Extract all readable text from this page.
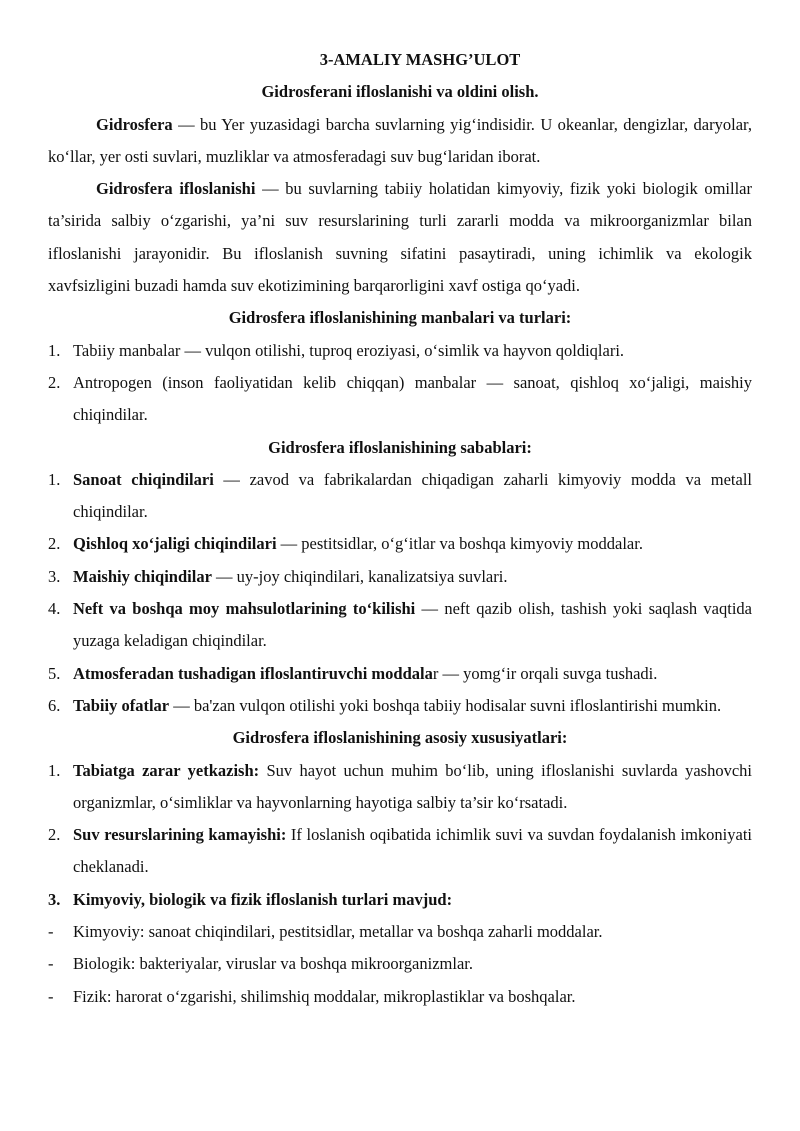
3-AMALIY MASHG’ULOT
Gidrosferani ifloslanishi va oldini olish.

Gidrosfera — bu Yer yuzasidagi barcha suvlarning yig‘indisidir. U okeanlar, dengizlar, daryolar, ko‘llar, yer osti suvlari, muzliklar va atmosferadagi suv bug‘laridan iborat.

Gidrosfera ifloslanishi — bu suvlarning tabiiy holatidan kimyoviy, fizik yoki biologik omillar ta’sirida salbiy o‘zgarishi, ya’ni suv resurslarining turli zararli modda va mikroorganizmlar bilan ifloslanishi jarayonidir. Bu ifloslanish suvning sifatini pasaytiradi, uning ichimlik va ekologik xavfsizligini buzadi hamda suv ekotizimining barqarorligini xavf ostiga qo‘yadi.

Gidrosfera ifloslanishining manbalari va turlari:
1. Tabiiy manbalar — vulqon otilishi, tuproq eroziyasi, o‘simlik va hayvon qoldiqlari.
2. Antropogen (inson faoliyatidan kelib chiqqan) manbalar — sanoat, qishloq xo‘jaligi, maishiy chiqindilar.
Gidrosfera ifloslanishining sabablari:
1. Sanoat chiqindilari — zavod va fabrikalardan chiqadigan zaharli kimyoviy modda va metall chiqindilar.
2. Qishloq xo‘jaligi chiqindilari — pestitsidlar, o‘g‘itlar va boshqa kimyoviy moddalar.
3. Maishiy chiqindilar — uy-joy chiqindilari, kanalizatsiya suvlari.
4. Neft va boshqa moy mahsulotlarining to‘kilishi — neft qazib olish, tashish yoki saqlash vaqtida yuzaga keladigan chiqindilar.
5. Atmosferadan tushadigan ifloslantiruvchi moddalar — yomg‘ir orqali suvga tushadi.
6. Tabiiy ofatlar — ba'zan vulqon otilishi yoki boshqa tabiiy hodisalar suvni ifloslantirishi mumkin.
Gidrosfera ifloslanishining asosiy xususiyatlari:
1. Tabiatga zarar yetkazish: Suv hayot uchun muhim bo‘lib, uning ifloslanishi suvlarda yashovchi organizmlar, o‘simliklar va hayvonlarning hayotiga salbiy ta’sir ko‘rsatadi.
2. Suv resurslarining kamayishi: If loslanish oqibatida ichimlik suvi va suvdan foydalanish imkoniyati cheklanadi.
3. Kimyoviy, biologik va fizik ifloslanish turlari mavjud:
-	Kimyoviy: sanoat chiqindilari, pestitsidlar, metallar va boshqa zaharli moddalar.
-	Biologik: bakteriyalar, viruslar va boshqa mikroorganizmlar.
-	Fizik: harorat o‘zgarishi, shilimshiq moddalar, mikroplastiklar va boshqalar.
